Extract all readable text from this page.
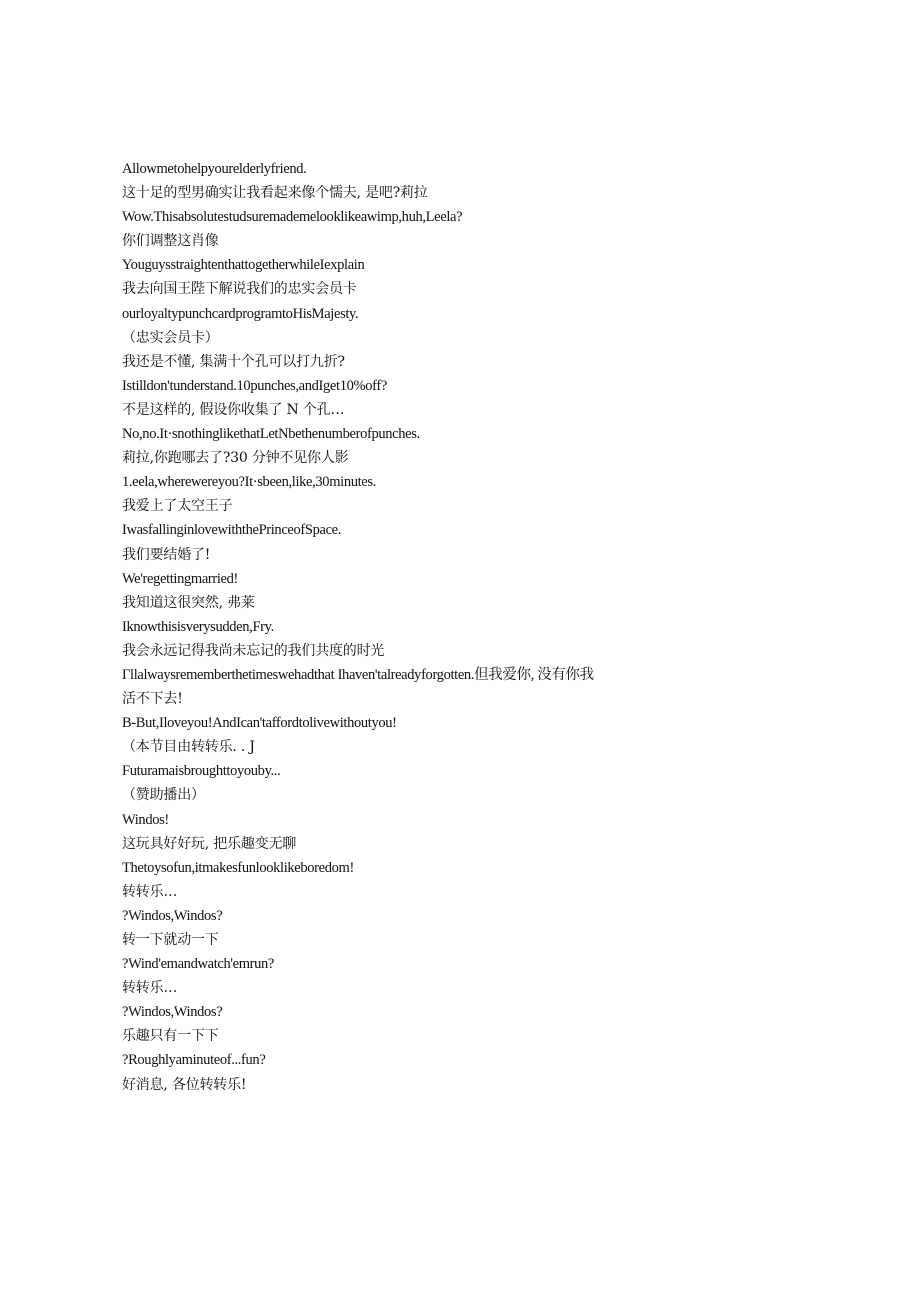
Allowmetohelpyourelderlyfriend.
这十足的型男确实让我看起来像个懦夫, 是吧?莉拉
Wow.Thisabsolutestudsuremademelooklikeawimp,huh,Leela?
你们调整这肖像
YouguysstraightenthattogetherwhileIexplain
我去向国王陛下解说我们的忠实会员卡
ourloyaltypunchcardprogramtoHisMajesty.
（忠实会员卡）
我还是不懂, 集满十个孔可以打九折?
Istilldon'tunderstand.10punches,andIget10%off?
不是这样的, 假设你收集了 N 个孔…
No,no.It·snothinglikethatLetNbethenumberofpunches.
莉拉,你跑哪去了?30 分钟不见你人影
1.eela,wherewereyou?It·sbeen,like,30minutes.
我爱上了太空王子
IwasfallinginlovewiththePrinceofSpace.
我们要结婚了!
We'regettingmarried!
我知道这很突然, 弗莱
Iknowthisisverysudden,Fry.
我会永远记得我尚未忘记的我们共度的时光
Γllalwaysrememberthetimeswehadthat Ihaven'talreadyforgotten.但我爱你, 没有你我
活不下去!
B-But,Iloveyou!AndIcan'taffordtolivewithoutyou!
（本节目由转转乐. . J
Futuramaisbroughttoyouby...
（赞助播出）
Windos!
这玩具好好玩, 把乐趣变无聊
Thetoysofun,itmakesfunlooklikeboredom!
转转乐…
?Windos,Windos?
转一下就动一下
?Wind'emandwatch'emrun?
转转乐…
?Windos,Windos?
乐趣只有一下下
?Roughlyaminuteof...fun?
好消息, 各位转转乐!
